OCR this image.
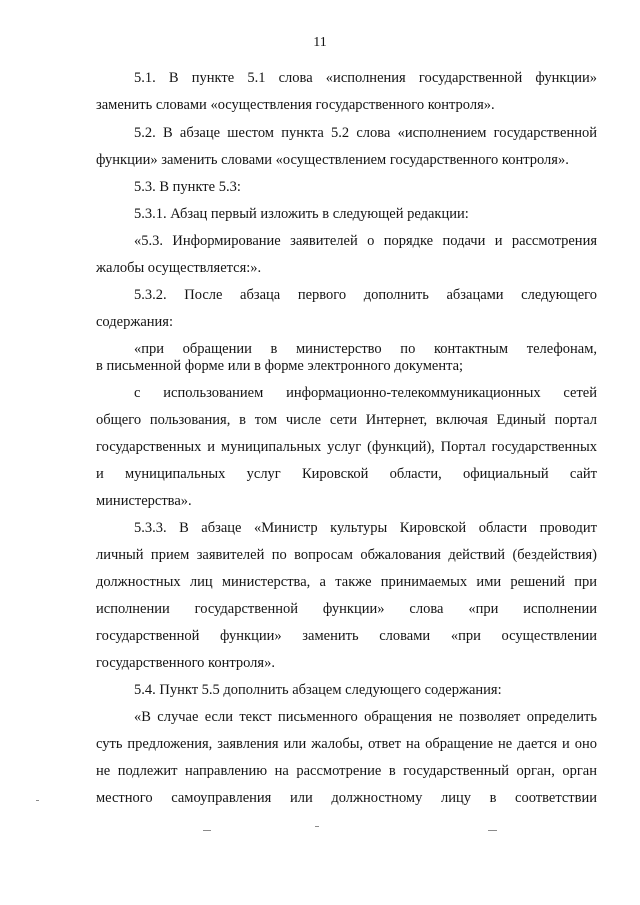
11
5.1. В пункте 5.1 слова «исполнения государственной функции»
заменить словами «осуществления государственного контроля».
5.2. В абзаце шестом пункта 5.2 слова «исполнением государственной
функции» заменить словами «осуществлением государственного контроля».
5.3. В пункте 5.3:
5.3.1. Абзац первый изложить в следующей редакции:
«5.3. Информирование заявителей о порядке подачи и рассмотрения
жалобы осуществляется:».
5.3.2. После абзаца первого дополнить абзацами следующего
содержания:
«при обращении в министерство по контактным телефонам,
в письменной форме или в форме электронного документа;
с использованием информационно-телекоммуникационных сетей
общего пользования, в том числе сети Интернет, включая Единый портал
государственных и муниципальных услуг (функций), Портал государственных
и муниципальных услуг Кировской области, официальный сайт
министерства».
5.3.3. В абзаце «Министр культуры Кировской области проводит
личный прием заявителей по вопросам обжалования действий (бездействия)
должностных лиц министерства, а также принимаемых ими решений при
исполнении государственной функции» слова «при исполнении
государственной функции» заменить словами «при осуществлении
государственного контроля».
5.4. Пункт 5.5 дополнить абзацем следующего содержания:
«В случае если текст письменного обращения не позволяет определить
суть предложения, заявления или жалобы, ответ на обращение не дается и оно
не подлежит направлению на рассмотрение в государственный орган, орган
местного самоуправления или должностному лицу в соответствии
